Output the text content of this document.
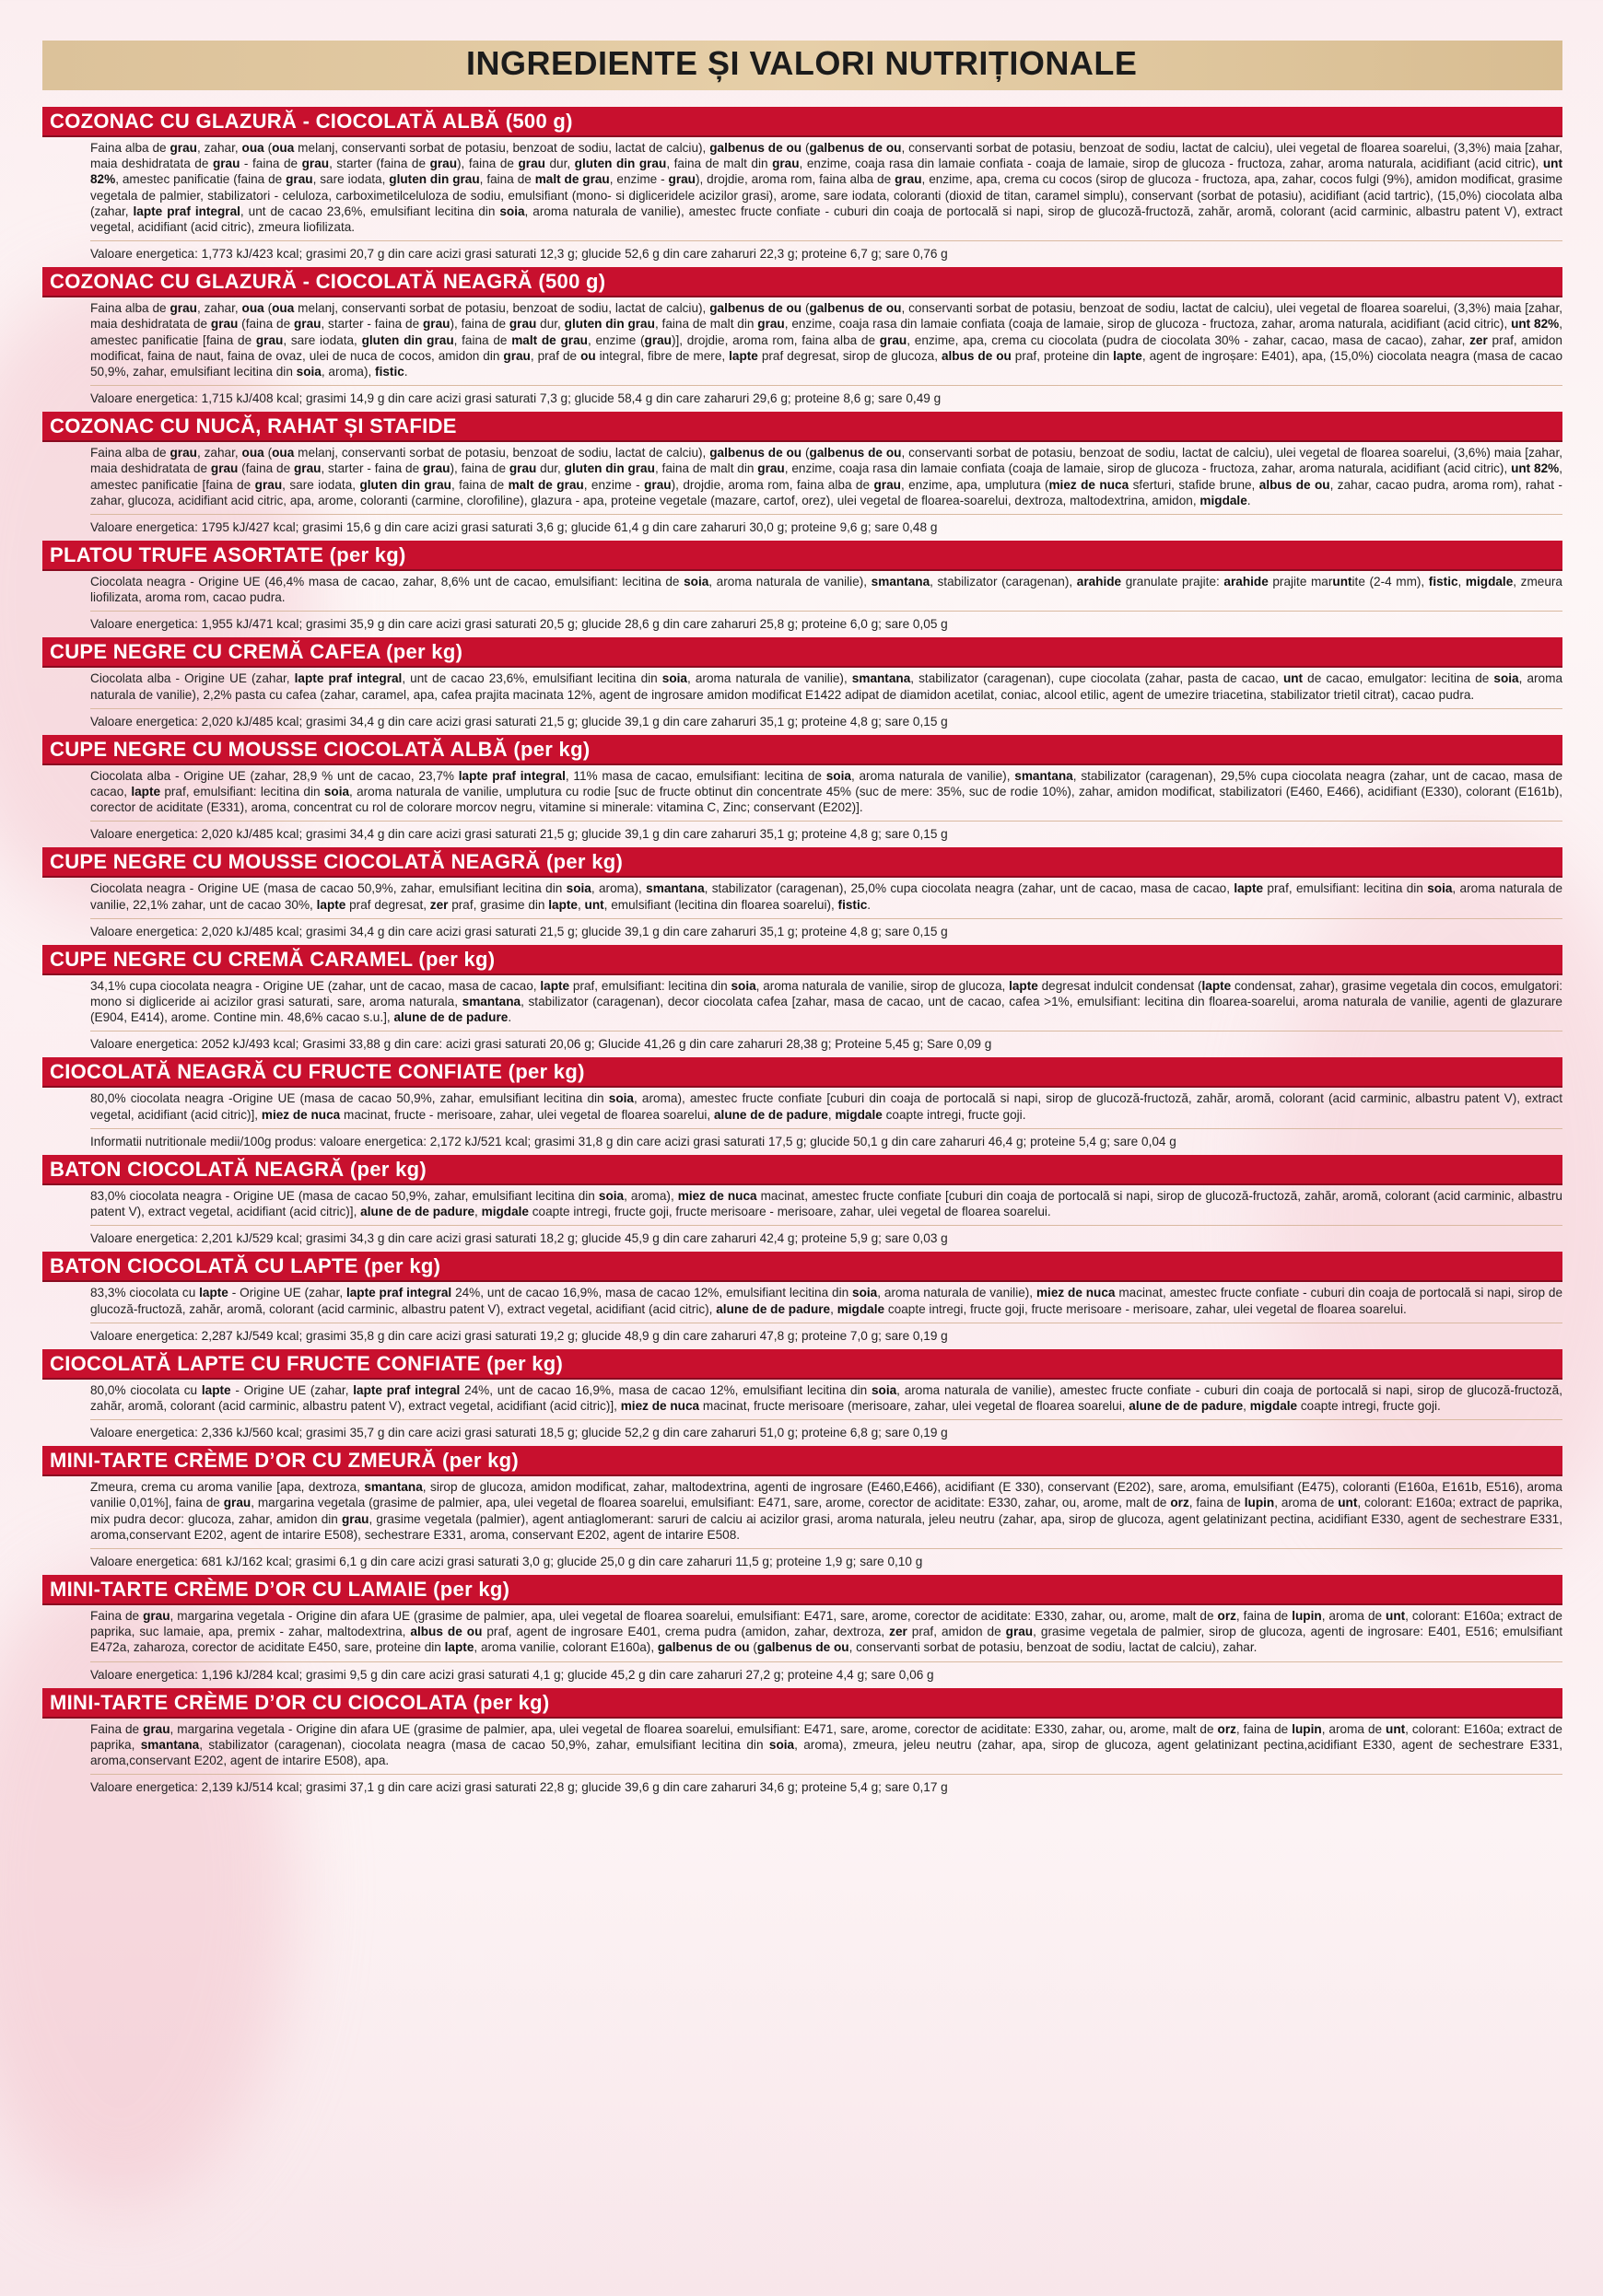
INGREDIENTE ȘI VALORI NUTRIȚIONALE
COZONAC CU GLAZURĂ - CIOCOLATĂ ALBĂ (500 g)

Faina alba de grau, zahar, oua (oua melanj, conservanti sorbat de potasiu, benzoat de sodiu, lactat de calciu), galbenus de ou (galbenus de ou, conservanti sorbat de potasiu, benzoat de sodiu, lactat de calciu), ulei vegetal de floarea soarelui, (3,3%) maia [zahar, maia deshidratata de grau - faina de grau, starter (faina de grau), faina de grau dur, gluten din grau, faina de malt din grau, enzime, coaja rasa din lamaie confiata - coaja de lamaie, sirop de glucoza - fructoza, zahar, aroma naturala, acidifiant (acid citric), unt 82%, amestec panificatie (faina de grau, sare iodata, gluten din grau, faina de malt de grau, enzime - grau), drojdie, aroma rom, faina alba de grau, enzime, apa, crema cu cocos (sirop de glucoza - fructoza, apa, zahar, cocos fulgi (9%), amidon modificat, grasime vegetala de palmier, stabilizatori - celuloza, carboximetilceluloza de sodiu, emulsifiant (mono- si digliceridele acizilor grasi), arome, sare iodata, coloranti (dioxid de titan, caramel simplu), conservant (sorbat de potasiu), acidifiant (acid tartric), (15,0%) ciocolata alba (zahar, lapte praf integral, unt de cacao 23,6%, emulsifiant lecitina din soia, aroma naturala de vanilie), amestec fructe confiate - cuburi din coaja de portocală si napi, sirop de glucoză-fructoză, zahăr, aromă, colorant (acid carminic, albastru patent V), extract vegetal, acidifiant (acid citric), zmeura liofilizata.

Valoare energetica: 1,773 kJ/423 kcal; grasimi 20,7 g din care acizi grasi saturati 12,3 g; glucide 52,6 g din care zaharuri 22,3 g; proteine 6,7 g; sare 0,76 g

COZONAC CU GLAZURĂ - CIOCOLATĂ NEAGRĂ (500 g)

Faina alba de grau, zahar, oua (oua melanj, conservanti sorbat de potasiu, benzoat de sodiu, lactat de calciu), galbenus de ou (galbenus de ou, conservanti sorbat de potasiu, benzoat de sodiu, lactat de calciu), ulei vegetal de floarea soarelui, (3,3%) maia [zahar, maia deshidratata de grau (faina de grau, starter - faina de grau), faina de grau dur, gluten din grau, faina de malt din grau, enzime, coaja rasa din lamaie confiata (coaja de lamaie, sirop de glucoza - fructoza, zahar, aroma naturala, acidifiant (acid citric), unt 82%, amestec panificatie [faina de grau, sare iodata, gluten din grau, faina de malt de grau, enzime (grau)], drojdie, aroma rom, faina alba de grau, enzime, apa, crema cu ciocolata (pudra de ciocolata 30% - zahar, cacao, masa de cacao), zahar, zer praf, amidon modificat, faina de naut, faina de ovaz, ulei de nuca de cocos, amidon din grau, praf de ou integral, fibre de mere, lapte praf degresat, sirop de glucoza, albus de ou praf, proteine din lapte, agent de ingroșare: E401), apa, (15,0%) ciocolata neagra (masa de cacao 50,9%, zahar, emulsifiant lecitina din soia, aroma), fistic.

Valoare energetica: 1,715 kJ/408 kcal; grasimi 14,9 g din care acizi grasi saturati 7,3 g; glucide 58,4 g din care zaharuri 29,6 g; proteine 8,6 g; sare 0,49 g

COZONAC CU NUCĂ, RAHAT ȘI STAFIDE

Faina alba de grau, zahar, oua (oua melanj, conservanti sorbat de potasiu, benzoat de sodiu, lactat de calciu), galbenus de ou (galbenus de ou, conservanti sorbat de potasiu, benzoat de sodiu, lactat de calciu), ulei vegetal de floarea soarelui, (3,6%) maia [zahar, maia deshidratata de grau (faina de grau, starter - faina de grau), faina de grau dur, gluten din grau, faina de malt din grau, enzime, coaja rasa din lamaie confiata (coaja de lamaie, sirop de glucoza - fructoza, zahar, aroma naturala, acidifiant (acid citric), unt 82%, amestec panificatie [faina de grau, sare iodata, gluten din grau, faina de malt de grau, enzime - grau), drojdie, aroma rom, faina alba de grau, enzime, apa, umplutura (miez de nuca sferturi, stafide brune, albus de ou, zahar, cacao pudra, aroma rom), rahat - zahar, glucoza, acidifiant acid citric, apa, arome, coloranti (carmine, clorofiline), glazura - apa, proteine vegetale (mazare, cartof, orez), ulei vegetal de floarea-soarelui, dextroza, maltodextrina, amidon, migdale.

Valoare energetica: 1795 kJ/427 kcal; grasimi 15,6 g din care acizi grasi saturati 3,6 g; glucide 61,4 g din care zaharuri 30,0 g; proteine 9,6 g; sare 0,48 g

PLATOU TRUFE ASORTATE (per kg)

Ciocolata neagra - Origine UE (46,4% masa de cacao, zahar, 8,6% unt de cacao, emulsifiant: lecitina de soia, aroma naturala de vanilie), smantana, stabilizator (caragenan), arahide granulate prajite: arahide prajite maruntite (2-4 mm), fistic, migdale, zmeura liofilizata, aroma rom, cacao pudra.

Valoare energetica: 1,955 kJ/471 kcal; grasimi 35,9 g din care acizi grasi saturati 20,5 g; glucide 28,6 g din care zaharuri 25,8 g; proteine 6,0 g; sare 0,05 g

CUPE NEGRE CU CREMĂ CAFEA (per kg)

Ciocolata alba - Origine UE (zahar, lapte praf integral, unt de cacao 23,6%, emulsifiant lecitina din soia, aroma naturala de vanilie), smantana, stabilizator (caragenan), cupe ciocolata (zahar, pasta de cacao, unt de cacao, emulgator: lecitina de soia, aroma naturala de vanilie), 2,2% pasta cu cafea (zahar, caramel, apa, cafea prajita macinata 12%, agent de ingrosare amidon modificat E1422 adipat de diamidon acetilat, coniac, alcool etilic, agent de umezire triacetina, stabilizator trietil citrat), cacao pudra.

Valoare energetica: 2,020 kJ/485 kcal; grasimi 34,4 g din care acizi grasi saturati 21,5 g; glucide 39,1 g din care zaharuri 35,1 g; proteine 4,8 g; sare 0,15 g

CUPE NEGRE CU MOUSSE CIOCOLATĂ ALBĂ (per kg)

Ciocolata alba - Origine UE (zahar, 28,9 % unt de cacao, 23,7% lapte praf integral, 11% masa de cacao, emulsifiant: lecitina de soia, aroma naturala de vanilie), smantana, stabilizator (caragenan), 29,5% cupa ciocolata neagra (zahar, unt de cacao, masa de cacao, lapte praf, emulsifiant: lecitina din soia, aroma naturala de vanilie, umplutura cu rodie [suc de fructe obtinut din concentrate 45% (suc de mere: 35%, suc de rodie 10%), zahar, amidon modificat, stabilizatori (E460, E466), acidifiant (E330), colorant (E161b), corector de aciditate (E331), aroma, concentrat cu rol de colorare morcov negru, vitamine si minerale: vitamina C, Zinc; conservant (E202)].

Valoare energetica: 2,020 kJ/485 kcal; grasimi 34,4 g din care acizi grasi saturati 21,5 g; glucide 39,1 g din care zaharuri 35,1 g; proteine 4,8 g; sare 0,15 g

CUPE NEGRE CU MOUSSE CIOCOLATĂ NEAGRĂ (per kg)

Ciocolata neagra - Origine UE (masa de cacao 50,9%, zahar, emulsifiant lecitina din soia, aroma), smantana, stabilizator (caragenan), 25,0% cupa ciocolata neagra (zahar, unt de cacao, masa de cacao, lapte praf, emulsifiant: lecitina din soia, aroma naturala de vanilie, 22,1% zahar, unt de cacao 30%, lapte praf degresat, zer praf, grasime din lapte, unt, emulsifiant (lecitina din floarea soarelui), fistic.

Valoare energetica: 2,020 kJ/485 kcal; grasimi 34,4 g din care acizi grasi saturati 21,5 g; glucide 39,1 g din care zaharuri 35,1 g; proteine 4,8 g; sare 0,15 g

CUPE NEGRE CU CREMĂ CARAMEL (per kg)

34,1% cupa ciocolata neagra - Origine UE (zahar, unt de cacao, masa de cacao, lapte praf, emulsifiant: lecitina din soia, aroma naturala de vanilie, sirop de glucoza, lapte degresat indulcit condensat (lapte condensat, zahar), grasime vegetala din cocos, emulgatori: mono si digliceride ai acizilor grasi saturati, sare, aroma naturala, smantana, stabilizator (caragenan), decor ciocolata cafea [zahar, masa de cacao, unt de cacao, cafea >1%, emulsifiant: lecitina din floarea-soarelui, aroma naturala de vanilie, agenti de glazurare (E904, E414), arome. Contine min. 48,6% cacao s.u.], alune de de padure.

Valoare energetica: 2052 kJ/493 kcal; Grasimi 33,88 g din care: acizi grasi saturati 20,06 g; Glucide 41,26 g din care zaharuri 28,38 g; Proteine 5,45 g; Sare 0,09 g

CIOCOLATĂ NEAGRĂ CU FRUCTE CONFIATE (per kg)

80,0% ciocolata neagra -Origine UE (masa de cacao 50,9%, zahar, emulsifiant lecitina din soia, aroma), amestec fructe confiate [cuburi din coaja de portocală si napi, sirop de glucoză-fructoză, zahăr, aromă, colorant (acid carminic, albastru patent V), extract vegetal, acidifiant (acid citric)], miez de nuca macinat, fructe - merisoare, zahar, ulei vegetal de floarea soarelui, alune de de padure, migdale coapte intregi, fructe goji.

Informatii nutritionale medii/100g produs: valoare energetica: 2,172 kJ/521 kcal; grasimi 31,8 g din care acizi grasi saturati 17,5 g; glucide 50,1 g din care zaharuri 46,4 g; proteine 5,4 g; sare 0,04 g

BATON CIOCOLATĂ NEAGRĂ (per kg)

83,0% ciocolata neagra - Origine UE (masa de cacao 50,9%, zahar, emulsifiant lecitina din soia, aroma), miez de nuca macinat, amestec fructe confiate [cuburi din coaja de portocală si napi, sirop de glucoză-fructoză, zahăr, aromă, colorant (acid carminic, albastru patent V), extract vegetal, acidifiant (acid citric)], alune de de padure, migdale coapte intregi, fructe goji, fructe merisoare - merisoare, zahar, ulei vegetal de floarea soarelui.

Valoare energetica: 2,201 kJ/529 kcal; grasimi 34,3 g din care acizi grasi saturati 18,2 g; glucide 45,9 g din care zaharuri 42,4 g; proteine 5,9 g; sare 0,03 g

BATON CIOCOLATĂ CU LAPTE (per kg)

83,3% ciocolata cu lapte - Origine UE (zahar, lapte praf integral 24%, unt de cacao 16,9%, masa de cacao 12%, emulsifiant lecitina din soia, aroma naturala de vanilie), miez de nuca macinat, amestec fructe confiate - cuburi din coaja de portocală si napi, sirop de glucoză-fructoză, zahăr, aromă, colorant (acid carminic, albastru patent V), extract vegetal, acidifiant (acid citric), alune de de padure, migdale coapte intregi, fructe goji, fructe merisoare - merisoare, zahar, ulei vegetal de floarea soarelui.

Valoare energetica: 2,287 kJ/549 kcal; grasimi 35,8 g din care acizi grasi saturati 19,2 g; glucide 48,9 g din care zaharuri 47,8 g; proteine 7,0 g; sare 0,19 g

CIOCOLATĂ LAPTE CU FRUCTE CONFIATE (per kg)

80,0% ciocolata cu lapte - Origine UE (zahar, lapte praf integral 24%, unt de cacao 16,9%, masa de cacao 12%, emulsifiant lecitina din soia, aroma naturala de vanilie), amestec fructe confiate - cuburi din coaja de portocală si napi, sirop de glucoză-fructoză, zahăr, aromă, colorant (acid carminic, albastru patent V), extract vegetal, acidifiant (acid citric)], miez de nuca macinat, fructe merisoare (merisoare, zahar, ulei vegetal de floarea soarelui, alune de de padure, migdale coapte intregi, fructe goji.

Valoare energetica: 2,336 kJ/560 kcal; grasimi 35,7 g din care acizi grasi saturati 18,5 g; glucide 52,2 g din care zaharuri 51,0 g; proteine 6,8 g; sare 0,19 g

MINI-TARTE CRÈME D’OR CU ZMEURĂ (per kg)

Zmeura, crema cu aroma vanilie [apa, dextroza, smantana, sirop de glucoza, amidon modificat, zahar, maltodextrina, agenti de ingrosare (E460,E466), acidifiant (E 330), conservant (E202), sare, aroma, emulsifiant (E475), coloranti (E160a, E161b, E516), aroma vanilie 0,01%], faina de grau, margarina vegetala (grasime de palmier, apa, ulei vegetal de floarea soarelui, emulsifiant: E471, sare, arome, corector de aciditate: E330, zahar, ou, arome, malt de orz, faina de lupin, aroma de unt, colorant: E160a; extract de paprika, mix pudra decor: glucoza, zahar, amidon din grau, grasime vegetala (palmier), agent antiaglomerant: saruri de calciu ai acizilor grasi, aroma naturala, jeleu neutru (zahar, apa, sirop de glucoza, agent gelatinizant pectina, acidifiant E330, agent de sechestrare E331, aroma,conservant E202, agent de intarire E508), sechestrare E331, aroma, conservant E202, agent de intarire E508.

Valoare energetica: 681 kJ/162 kcal; grasimi 6,1 g din care acizi grasi saturati 3,0 g; glucide 25,0 g din care zaharuri 11,5 g; proteine 1,9 g; sare 0,10 g

MINI-TARTE CRÈME D’OR CU LAMAIE (per kg)

Faina de grau, margarina vegetala - Origine din afara UE (grasime de palmier, apa, ulei vegetal de floarea soarelui, emulsifiant: E471, sare, arome, corector de aciditate: E330, zahar, ou, arome, malt de orz, faina de lupin, aroma de unt, colorant: E160a; extract de paprika, suc lamaie, apa, premix - zahar, maltodextrina, albus de ou praf, agent de ingrosare E401, crema pudra (amidon, zahar, dextroza, zer praf, amidon de grau, grasime vegetala de palmier, sirop de glucoza, agenti de ingrosare: E401, E516; emulsifiant E472a, zaharoza, corector de aciditate E450, sare, proteine din lapte, aroma vanilie, colorant E160a), galbenus de ou (galbenus de ou, conservanti sorbat de potasiu, benzoat de sodiu, lactat de calciu), zahar.

Valoare energetica: 1,196 kJ/284 kcal; grasimi 9,5 g din care acizi grasi saturati 4,1 g; glucide 45,2 g din care zaharuri 27,2 g; proteine 4,4 g; sare 0,06 g

MINI-TARTE CRÈME D’OR CU CIOCOLATA (per kg)

Faina de grau, margarina vegetala - Origine din afara UE (grasime de palmier, apa, ulei vegetal de floarea soarelui, emulsifiant: E471, sare, arome, corector de aciditate: E330, zahar, ou, arome, malt de orz, faina de lupin, aroma de unt, colorant: E160a; extract de paprika, smantana, stabilizator (caragenan), ciocolata neagra (masa de cacao 50,9%, zahar, emulsifiant lecitina din soia, aroma), zmeura, jeleu neutru (zahar, apa, sirop de glucoza, agent gelatinizant pectina,acidifiant E330, agent de sechestrare E331, aroma,conservant E202, agent de intarire E508), apa.

Valoare energetica: 2,139 kJ/514 kcal; grasimi 37,1 g din care acizi grasi saturati 22,8 g; glucide 39,6 g din care zaharuri 34,6 g; proteine 5,4 g; sare 0,17 g
